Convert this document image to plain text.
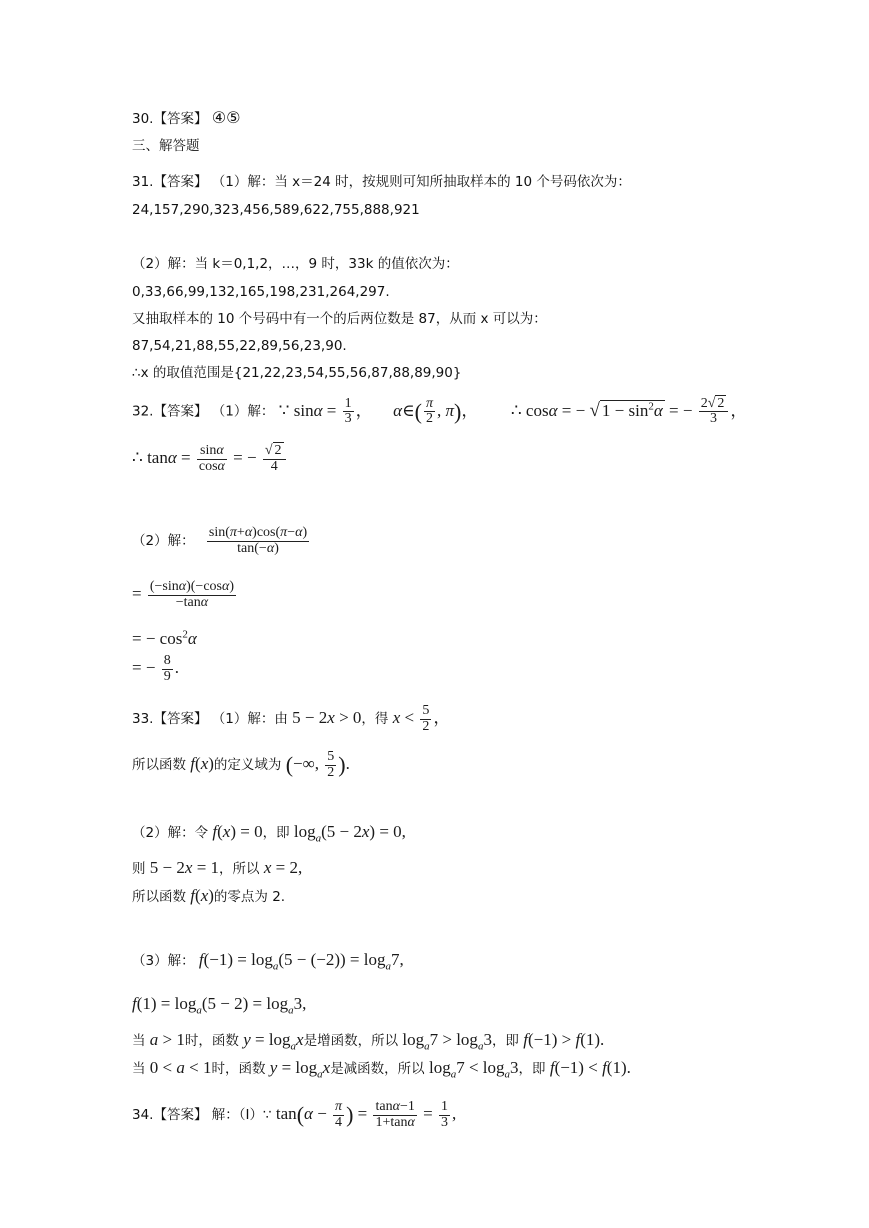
30.【答案】 ④⑤
三、解答题
31.【答案】 （1）解：当 x＝24 时，按规则可知所抽取样本的 10 个号码依次为：
24,157,290,323,456,589,622,755,888,921
（2）解：当 k＝0,1,2，…，9 时，33k 的值依次为：
0,33,66,99,132,165,198,231,264,297.
又抽取样本的 10 个号码中有一个的后两位数是 87，从而 x 可以为：
87,54,21,88,55,22,89,56,23,90.
∴x 的取值范围是{21,22,23,54,55,56,87,88,89,90}
32.【答案】 （1）解： ∵ $\sin\alpha = \frac{1}{3}$ ，  α∈( $\frac{\pi}{2}$ , π)，  ∴ cosα = − √ $1 - \sin^2\alpha$ = − $\frac{2√ 2}{3}$ ，
∴ $\tan\alpha = \frac{\sin\alpha}{\cos\alpha}$ = − $\frac{√ 2}{4}$
（2）解： $\frac{\sin(\pi+\alpha)\cos(\pi-\alpha)}{\tan(-\alpha)}$
= $\frac{(-\sin\alpha)(-\cos\alpha)}{-\tan\alpha}$
= − $\cos^2\alpha$
= − $\frac{8}{9}$ .
33.【答案】 （1）解：由 5 − 2x > 0，得 $x < \frac{5}{2}$ ，
所以函数 f(x)的定义域为 (−∞, $\frac{5}{2}$ ).
（2）解：令 f(x) = 0，即 $\log_a(5 - 2x) = 0$,
则 5 − 2x = 1，所以 x = 2,
所以函数 f(x)的零点为 2.
（3）解： $f(-1) = \log_a(5 - (-2)) = \log_a7$,
$f(1) = \log_a(5 - 2) = \log_a3$,
当 a > 1时，函数 $y = \log_ax$是增函数，所以 $\log_a7 > \log_a3$，即 f(−1) > f(1).
当 0 < a < 1时，函数 $y = \log_ax$是减函数，所以 $\log_a7 < \log_a3$，即 f(−1) < f(1).
34.【答案】 解：（Ⅰ）∵ $\tan(\alpha - \frac{\pi}{4}$ ) = $\frac{\tan\alpha-1}{1+\tan\alpha} = \frac{1}{3}$ ,
